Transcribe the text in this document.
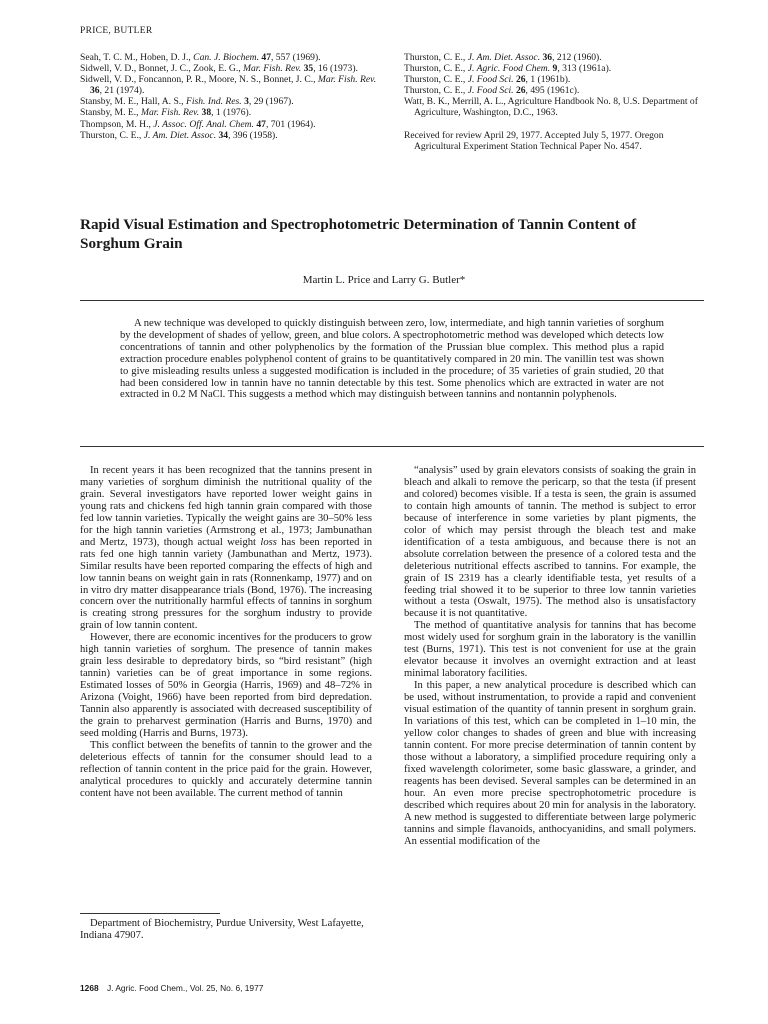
PRICE, BUTLER

Seah, T. C. M., Hoben, D. J., Can. J. Biochem. 47, 557 (1969).

Sidwell, V. D., Bonnet, J. C., Zook, E. G., Mar. Fish. Rev. 35, 16 (1973).

Sidwell, V. D., Foncannon, P. R., Moore, N. S., Bonnet, J. C., Mar. Fish. Rev. 36, 21 (1974).

Stansby, M. E., Hall, A. S., Fish. Ind. Res. 3, 29 (1967).

Stansby, M. E., Mar. Fish. Rev. 38, 1 (1976).

Thompson, M. H., J. Assoc. Off. Anal. Chem. 47, 701 (1964).

Thurston, C. E., J. Am. Diet. Assoc. 34, 396 (1958).

Thurston, C. E., J. Am. Diet. Assoc. 36, 212 (1960).

Thurston, C. E., J. Agric. Food Chem. 9, 313 (1961a).

Thurston, C. E., J. Food Sci. 26, 1 (1961b).

Thurston, C. E., J. Food Sci. 26, 495 (1961c).

Watt, B. K., Merrill, A. L., Agriculture Handbook No. 8, U.S. Department of Agriculture, Washington, D.C., 1963.

Received for review April 29, 1977. Accepted July 5, 1977. Oregon Agricultural Experiment Station Technical Paper No. 4547.

Rapid Visual Estimation and Spectrophotometric Determination of Tannin Content of Sorghum Grain
Martin L. Price and Larry G. Butler*
A new technique was developed to quickly distinguish between zero, low, intermediate, and high tannin varieties of sorghum by the development of shades of yellow, green, and blue colors. A spectrophotometric method was developed which detects low concentrations of tannin and other polyphenolics by the formation of the Prussian blue complex. This method plus a rapid extraction procedure enables polyphenol content of grains to be quantitatively compared in 20 min. The vanillin test was shown to give misleading results unless a suggested modification is included in the procedure; of 35 varieties of grain studied, 20 that had been considered low in tannin have no tannin detectable by this test. Some phenolics which are extracted in water are not extracted in 0.2 M NaCl. This suggests a method which may distinguish between tannins and nontannin polyphenols.

In recent years it has been recognized that the tannins present in many varieties of sorghum diminish the nutritional quality of the grain. Several investigators have reported lower weight gains in young rats and chickens fed high tannin grain compared with those fed low tannin varieties. Typically the weight gains are 30–50% less for the high tannin varieties (Armstrong et al., 1973; Jambunathan and Mertz, 1973), though actual weight loss has been reported in rats fed one high tannin variety (Jambunathan and Mertz, 1973). Similar results have been reported comparing the effects of high and low tannin beans on weight gain in rats (Ronnenkamp, 1977) and on in vitro dry matter disappearance trials (Bond, 1976). The increasing concern over the nutritionally harmful effects of tannins in sorghum is creating strong pressures for the sorghum industry to provide grain of low tannin content.

However, there are economic incentives for the producers to grow high tannin varieties of sorghum. The presence of tannin makes grain less desirable to depredatory birds, so “bird resistant” (high tannin) varieties can be of great importance in some regions. Estimated losses of 50% in Georgia (Harris, 1969) and 48–72% in Arizona (Voight, 1966) have been reported from bird depredation. Tannin also apparently is associated with decreased susceptibility of the grain to preharvest germination (Harris and Burns, 1970) and seed molding (Harris and Burns, 1973).

This conflict between the benefits of tannin to the grower and the deleterious effects of tannin for the consumer should lead to a reflection of tannin content in the price paid for the grain. However, analytical procedures to quickly and accurately determine tannin content have not been available. The current method of tannin

“analysis” used by grain elevators consists of soaking the grain in bleach and alkali to remove the pericarp, so that the testa (if present and colored) becomes visible. If a testa is seen, the grain is assumed to contain high amounts of tannin. The method is subject to error because of interference in some varieties by plant pigments, the color of which may persist through the bleach test and make identification of a testa ambiguous, and because there is not an absolute correlation between the presence of a colored testa and the deleterious nutritional effects ascribed to tannins. For example, the grain of IS 2319 has a clearly identifiable testa, yet results of a feeding trial showed it to be superior to three low tannin varieties without a testa (Oswalt, 1975). The method also is unsatisfactory because it is not quantitative.

The method of quantitative analysis for tannins that has become most widely used for sorghum grain in the laboratory is the vanillin test (Burns, 1971). This test is not convenient for use at the grain elevator because it involves an overnight extraction and at least minimal laboratory facilities.

In this paper, a new analytical procedure is described which can be used, without instrumentation, to provide a rapid and convenient visual estimation of the quantity of tannin present in sorghum grain. In variations of this test, which can be completed in 1–10 min, the yellow color changes to shades of green and blue with increasing tannin content. For more precise determination of tannin content by those without a laboratory, a simplified procedure requiring only a fixed wavelength colorimeter, some basic glassware, a grinder, and reagents has been devised. Several samples can be determined in an hour. An even more precise spectrophotometric procedure is described which requires about 20 min for analysis in the laboratory. A new method is suggested to differentiate between large polymeric tannins and simple flavanoids, anthocyanidins, and small polymers. An essential modification of the

Department of Biochemistry, Purdue University, West Lafayette, Indiana 47907.
1268 J. Agric. Food Chem., Vol. 25, No. 6, 1977
